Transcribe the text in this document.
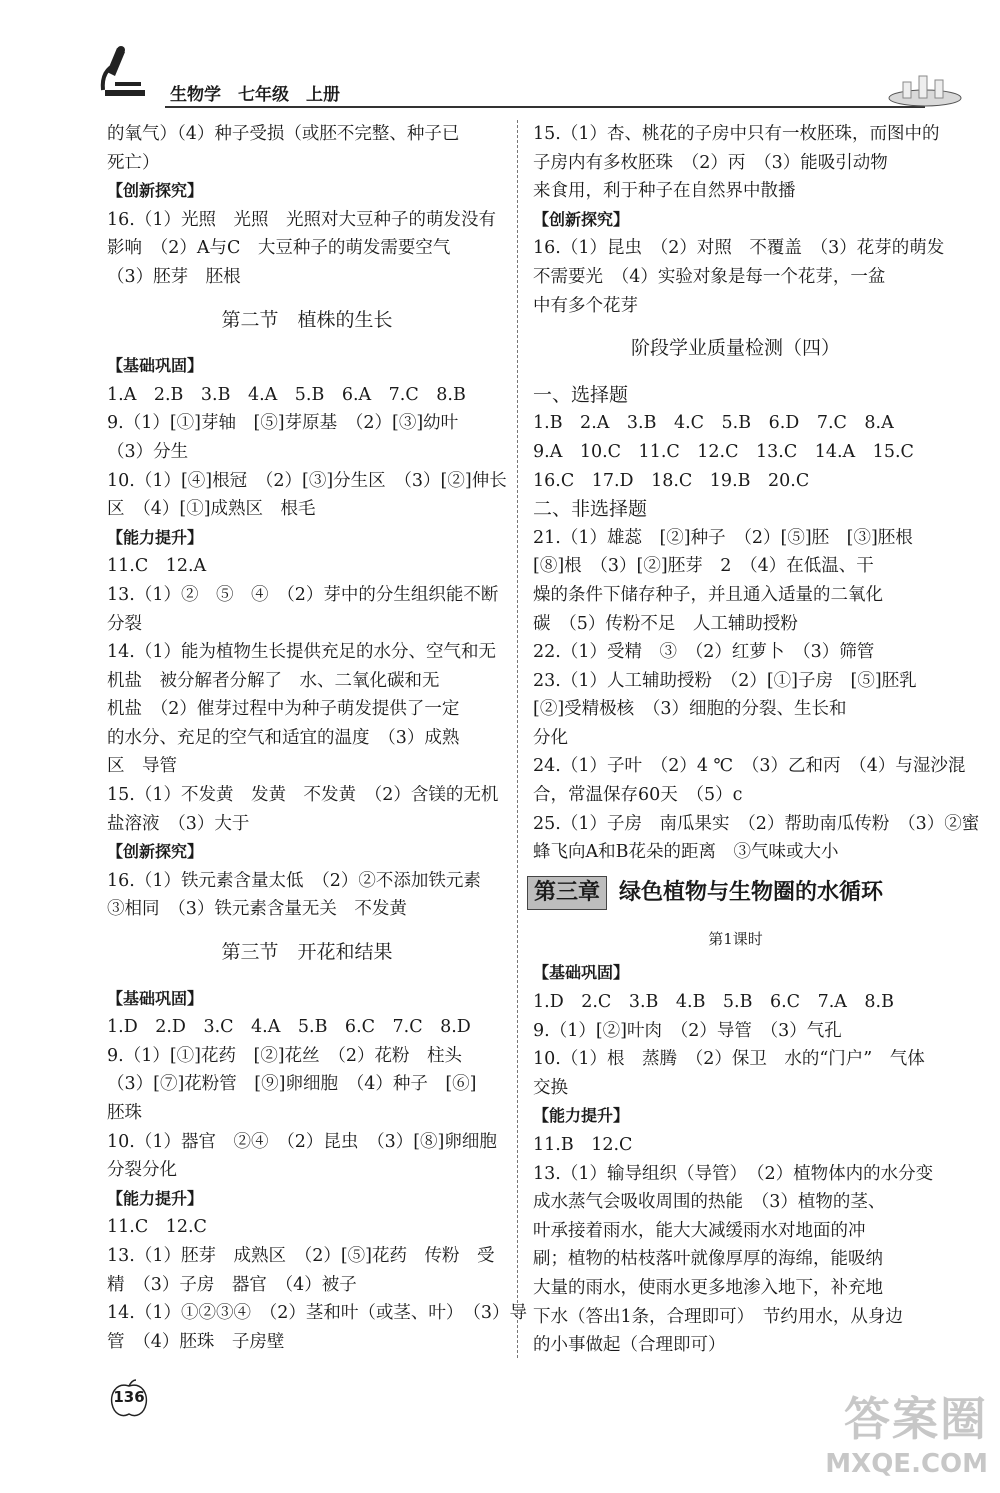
生物学　七年级　上册
的氧气）（4）种子受损（或胚不完整、种子已
死亡）
【创新探究】
16.（1）光照　光照　光照对大豆种子的萌发没有
影响　（2）A与C　大豆种子的萌发需要空气
（3）胚芽　胚根
第二节　植株的生长
【基础巩固】
1.A　2.B　3.B　4.A　5.B　6.A　7.C　8.B
9.（1）[①]芽轴　[⑤]芽原基　（2）[③]幼叶
（3）分生
10.（1）[④]根冠　（2）[③]分生区　（3）[②]伸长
区　（4）[①]成熟区　根毛
【能力提升】
11.C　12.A
13.（1）②　⑤　④　（2）芽中的分生组织能不断
分裂
14.（1）能为植物生长提供充足的水分、空气和无
机盐　被分解者分解了　水、二氧化碳和无
机盐　（2）催芽过程中为种子萌发提供了一定
的水分、充足的空气和适宜的温度　（3）成熟
区　导管
15.（1）不发黄　发黄　不发黄　（2）含镁的无机
盐溶液　（3）大于
【创新探究】
16.（1）铁元素含量太低　（2）②不添加铁元素
③相同　（3）铁元素含量无关　不发黄
第三节　开花和结果
【基础巩固】
1.D　2.D　3.C　4.A　5.B　6.C　7.C　8.D
9.（1）[①]花药　[②]花丝　（2）花粉　柱头
（3）[⑦]花粉管　[⑨]卵细胞　（4）种子　[⑥]
胚珠
10.（1）器官　②④　（2）昆虫　（3）[⑧]卵细胞
分裂分化
【能力提升】
11.C　12.C
13.（1）胚芽　成熟区　（2）[⑤]花药　传粉　受
精　（3）子房　器官　（4）被子
14.（1）①②③④　（2）茎和叶（或茎、叶）　（3）导
管　（4）胚珠　子房壁
15.（1）杏、桃花的子房中只有一枚胚珠，而图中的
子房内有多枚胚珠　（2）丙　（3）能吸引动物
来食用，利于种子在自然界中散播
【创新探究】
16.（1）昆虫　（2）对照　不覆盖　（3）花芽的萌发
不需要光　（4）实验对象是每一个花芽，一盆
中有多个花芽
阶段学业质量检测（四）
一、选择题
1.B　2.A　3.B　4.C　5.B　6.D　7.C　8.A
9.A　10.C　11.C　12.C　13.C　14.A　15.C
16.C　17.D　18.C　19.B　20.C
二、非选择题
21.（1）雄蕊　[②]种子　（2）[⑤]胚　[③]胚根
[⑧]根　（3）[②]胚芽　2　（4）在低温、干
燥的条件下储存种子，并且通入适量的二氧化
碳　（5）传粉不足　人工辅助授粉
22.（1）受精　③　（2）红萝卜　（3）筛管
23.（1）人工辅助授粉　（2）[①]子房　[⑤]胚乳
[②]受精极核　（3）细胞的分裂、生长和
分化
24.（1）子叶　（2）4 ℃　（3）乙和丙　（4）与湿沙混
合，常温保存60天　（5）c
25.（1）子房　南瓜果实　（2）帮助南瓜传粉　（3）②蜜
蜂飞向A和B花朵的距离　③气味或大小
第三章 绿色植物与生物圈的水循环
第1课时
【基础巩固】
1.D　2.C　3.B　4.B　5.B　6.C　7.A　8.B
9.（1）[②]叶肉　（2）导管　（3）气孔
10.（1）根　蒸腾　（2）保卫　水的“门户”　气体
交换
【能力提升】
11.B　12.C
13.（1）输导组织（导管）　（2）植物体内的水分变
成水蒸气会吸收周围的热能　（3）植物的茎、
叶承接着雨水，能大大减缓雨水对地面的冲
刷；植物的枯枝落叶就像厚厚的海绵，能吸纳
大量的雨水，使雨水更多地渗入地下，补充地
下水（答出1条，合理即可）　节约用水，从身边
的小事做起（合理即可）
136	答案圈
MXQE.COM
